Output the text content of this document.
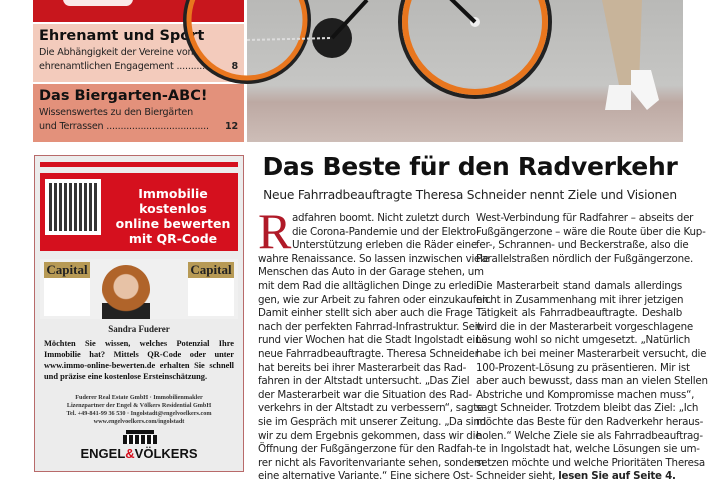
Ehrenamt und Sport

Die Abhängigkeit der Vereine vom

ehrenamtlichen Engagement .............. 8

Das Biergarten-ABC!

Wissenswertes zu den Biergärten

und Terrassen .................................... 12

Immobilie kostenlos
online bewerten
mit QR-Code
Capital	Capital
Sandra Fuderer
Möchten Sie wissen, welches Potenzial Ihre Immobilie hat? Mittels QR-Code oder unter www.immo-online-bewerten.de erhalten Sie schnell und präzise eine kostenlose Ersteinschätzung.
Fuderer Real Estate GmbH · Immobilienmakler
Lizenzpartner der Engel & Völkers Residential GmbH
Tel. +49-841-99 36 530 · Ingolstadt@engelvoelkers.com
www.engelvoelkers.com/ingolstadt
ENGEL&VÖLKERS
Das Beste für den Radverkehr
Neue Fahrradbeauftragte Theresa Schneider nennt Ziele und Visionen
R adfahren boomt. Nicht zuletzt durch
die Corona-Pandemie und der Elektro-
Unterstützung erleben die Räder eine
wahre Renaissance. So lassen inzwischen viele
Menschen das Auto in der Garage stehen, um
mit dem Rad die alltäglichen Dinge zu erledi-
gen, wie zur Arbeit zu fahren oder einzukaufen.
Damit einher stellt sich aber auch die Frage
nach der perfekten Fahrrad-Infrastruktur. Seit
rund vier Wochen hat die Stadt Ingolstadt eine
neue Fahrradbeauftragte. Theresa Schneider
hat bereits bei ihrer Masterarbeit das Rad-
fahren in der Altstadt untersucht. „Das Ziel
der Masterarbeit war die Situation des Rad-
verkehrs in der Altstadt zu verbessern“, sagte
sie im Gespräch mit unserer Zeitung. „Da sind
wir zu dem Ergebnis gekommen, dass wir die
Öffnung der Fußgängerzone für den Radfah-
rer nicht als Favoritenvariante sehen, sondern
eine alternative Variante.“ Eine sichere Ost-
West-Verbindung für Radfahrer – abseits der
Fußgängerzone – wäre die Route über die Kup-
fer-, Schrannen- und Beckerstraße, also die
Parallelstraßen nördlich der Fußgängerzone.
Die Masterarbeit stand damals allerdings
nicht in Zusammenhang mit ihrer jetzigen
Tätigkeit als Fahrradbeauftragte. Deshalb
wird die in der Masterarbeit vorgeschlagene
Lösung wohl so nicht umgesetzt. „Natürlich
habe ich bei meiner Masterarbeit versucht, die
100-Prozent-Lösung zu präsentieren. Mir ist
aber auch bewusst, dass man an vielen Stellen
Abstriche und Kompromisse machen muss“,
sagt Schneider. Trotzdem bleibt das Ziel: „Ich
möchte das Beste für den Radverkehr heraus-
holen.“ Welche Ziele sie als Fahrradbeauftrag-
te in Ingolstadt hat, welche Lösungen sie um-
setzen möchte und welche Prioritäten Theresa
Schneider sieht, lesen Sie auf Seite 4.
